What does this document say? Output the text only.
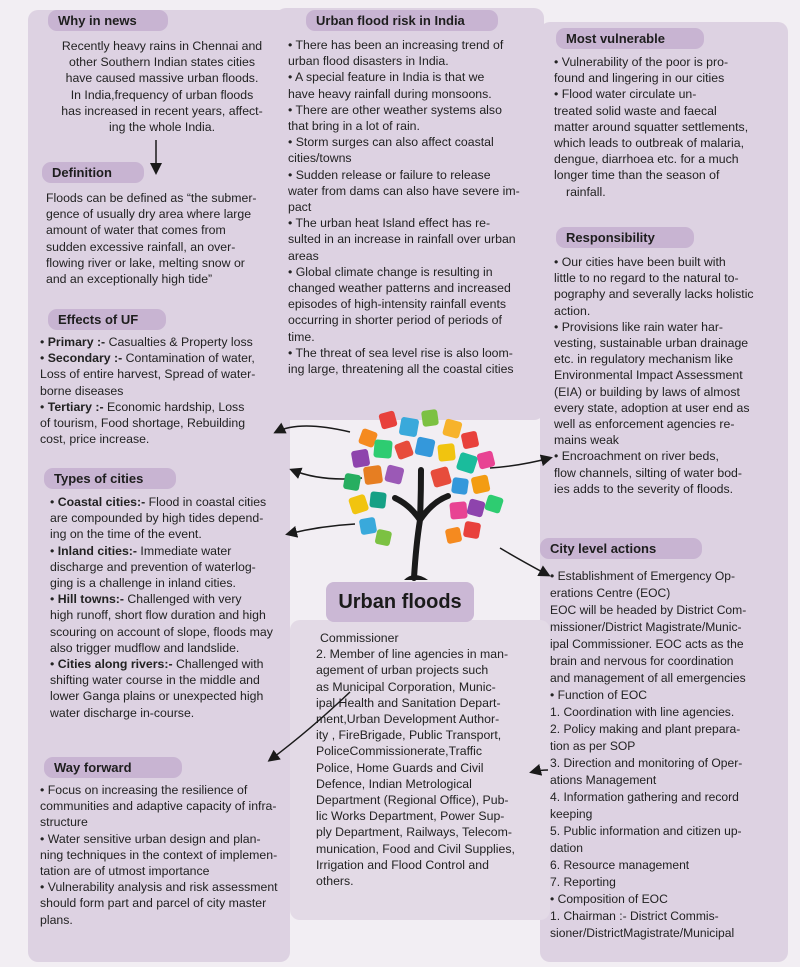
Why in news
Definition
Effects of UF
Types of cities
Way forward
Urban flood risk in India
Most vulnerable
Responsibility
City level actions

Recently heavy rains in Chennai and

other Southern Indian states cities

have caused massive urban floods.

In India,frequency of urban floods

has increased in recent years, affect-

ing the whole India.

Floods can be defined as “the submer-

gence of usually dry area where large

amount of water that comes from

sudden excessive rainfall, an over-

flowing river or lake, melting snow or

and an exceptionally high tide”

• Primary :- Casualties & Property loss

• Secondary :- Contamination of water,

Loss of entire harvest, Spread of water-

borne diseases

• Tertiary :- Economic hardship, Loss

of tourism, Food shortage, Rebuilding

cost, price increase.

• Coastal cities:- Flood in coastal cities

are compounded by high tides depend-

ing on the time of the event.

• Inland cities:- Immediate water

discharge and prevention of waterlog-

ging is a challenge in inland cities.

• Hill towns:- Challenged with very

high runoff, short flow duration and high

scouring on account of slope, floods may

also trigger mudflow and landslide.

• Cities along rivers:- Challenged with

shifting water course in the middle and

lower Ganga plains or unexpected high

water discharge in-course.

• Focus on increasing the resilience of

communities and adaptive capacity of infra-

structure

• Water sensitive urban design and plan-

ning techniques in the context of implemen-

tation are of utmost importance

• Vulnerability analysis and risk assessment

should form part and parcel of city master

plans.

• There has been an increasing trend of

urban flood disasters in India.

• A special feature in India is that we

have heavy rainfall during monsoons.

• There are other weather systems also

that bring in a lot of rain.

• Storm surges can also affect coastal

cities/towns

• Sudden release or failure to release

water from dams can also have severe im-

pact

• The urban heat Island effect has re-

sulted in an increase in rainfall over urban

areas

• Global climate change is resulting in

changed weather patterns and increased

episodes of high-intensity rainfall events

occurring in shorter period of periods of

time.

• The threat of sea level rise is also loom-

ing large, threatening all the coastal cities

• Vulnerability of the poor is pro-

found and lingering in our cities

• Flood water circulate un-

treated solid waste and faecal

matter around squatter settlements,

which leads to outbreak of malaria,

dengue, diarrhoea etc. for a much

longer time than the season of

rainfall.

• Our cities have been built with

little to no regard to the natural to-

pography and severally lacks holistic

action.

• Provisions like rain water har-

vesting, sustainable urban drainage

etc. in regulatory mechanism like

Environmental Impact Assessment

(EIA) or building by laws of almost

every state, adoption at user end as

well as enforcement agencies re-

mains weak

• Encroachment on river beds,

flow channels, silting of water bod-

ies adds to the severity of floods.

• Establishment of Emergency Op-

erations Centre (EOC)

EOC will be headed by District Com-

missioner/District Magistrate/Munic-

ipal Commissioner. EOC acts as the

brain and nervous for coordination

and management of all emergencies

• Function of EOC

1. Coordination with line agencies.

2. Policy making and plant prepara-

tion as per SOP

3. Direction and monitoring of Oper-

ations Management

4. Information gathering and record

keeping

5. Public information and citizen up-

dation

6. Resource management

7. Reporting

• Composition of EOC

1. Chairman :- District Commis-

sioner/DistrictMagistrate/Municipal

Urban floods

Commissioner

2. Member of line agencies in man-

agement of urban projects such

as Municipal Corporation, Munic-

ipal Health and Sanitation Depart-

ment,Urban Development Author-

ity , FireBrigade, Public Transport,

PoliceCommissionerate,Traffic

Police, Home Guards and Civil

Defence, Indian Metrological

Department (Regional Office), Pub-

lic Works Department, Power Sup-

ply Department, Railways, Telecom-

munication, Food and Civil Supplies,

Irrigation and Flood Control and

others.
